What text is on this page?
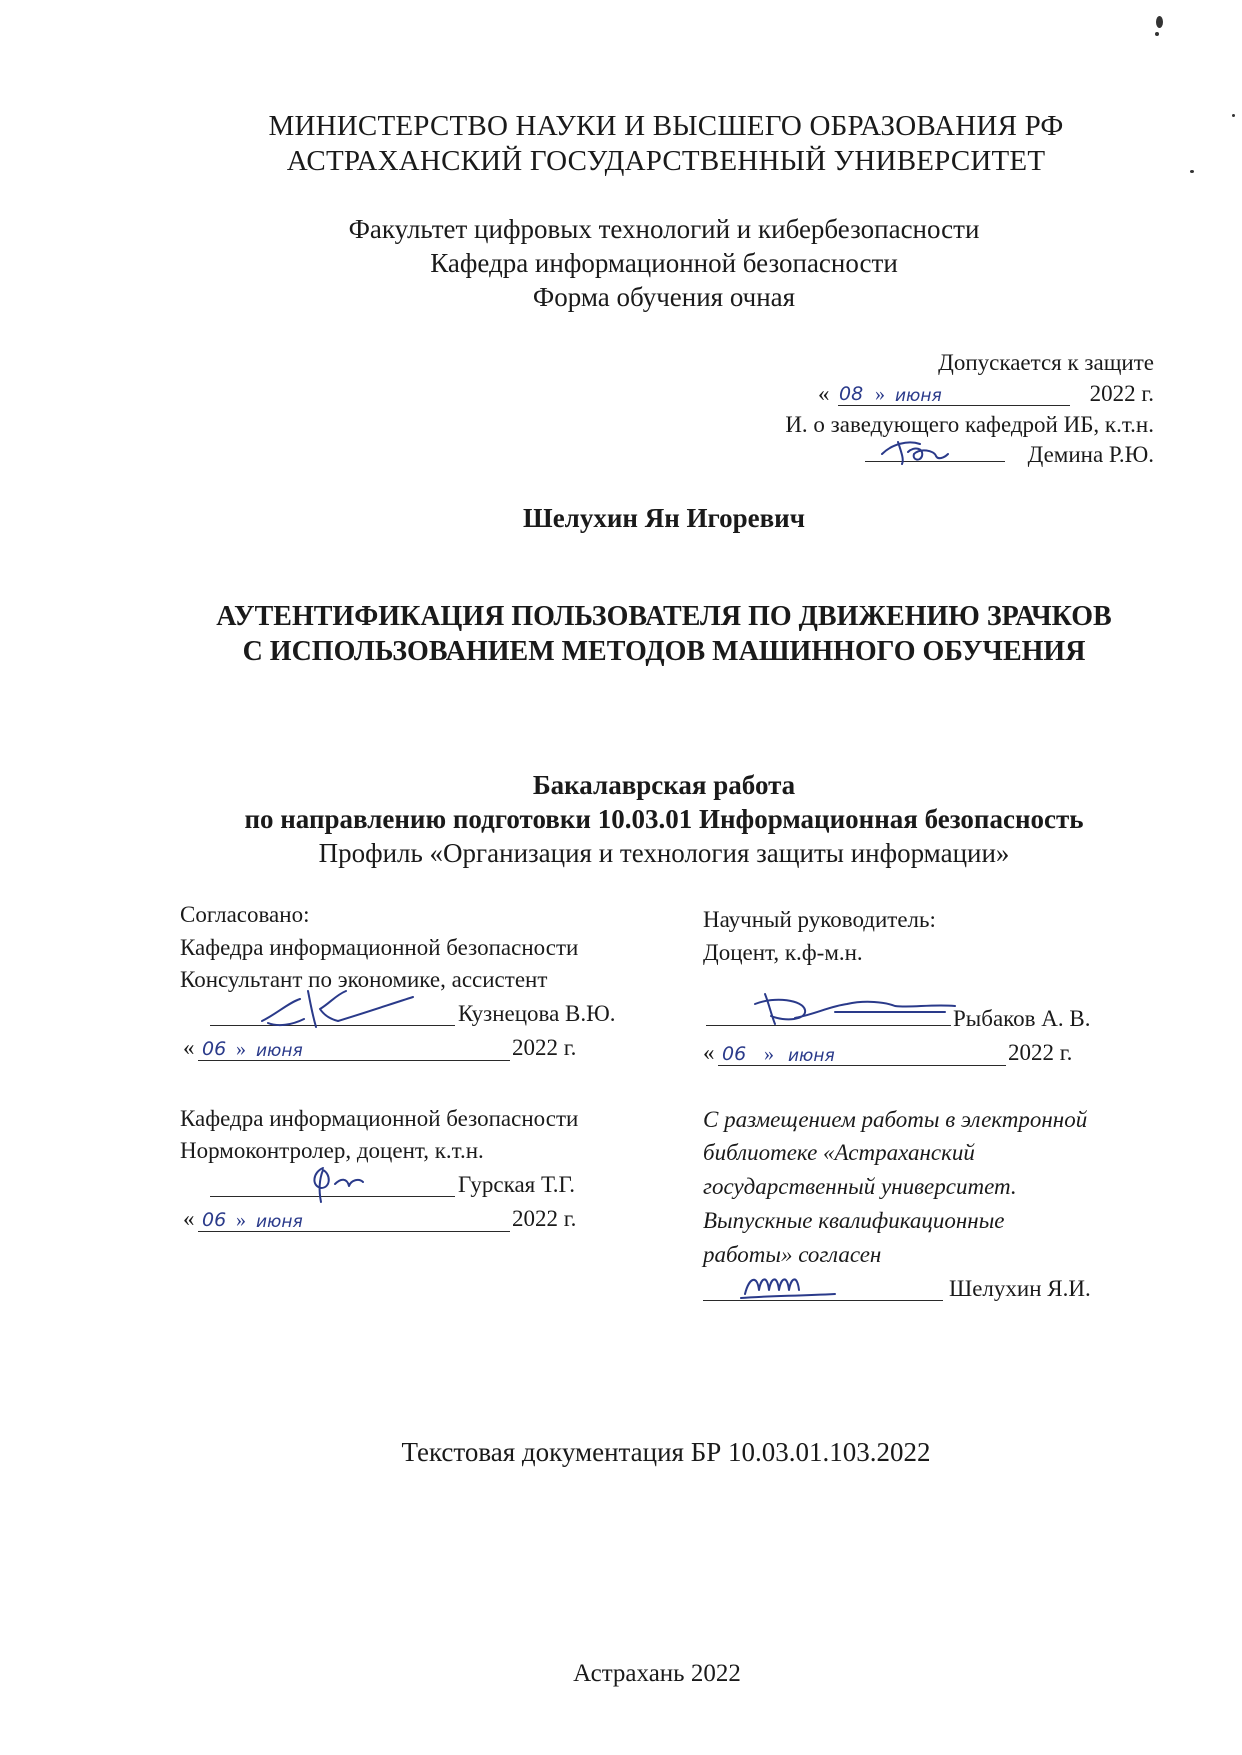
МИНИСТЕРСТВО НАУКИ И ВЫСШЕГО ОБРАЗОВАНИЯ РФ
АСТРАХАНСКИЙ ГОСУДАРСТВЕННЫЙ УНИВЕРСИТЕТ
Факультет цифровых технологий и кибербезопасности
Кафедра информационной безопасности
Форма обучения очная
Допускается к защите
« 08 » июня	2022 г.
И. о заведующего кафедрой ИБ, к.т.н.
Демина Р.Ю.
Шелухин Ян Игоревич
АУТЕНТИФИКАЦИЯ ПОЛЬЗОВАТЕЛЯ ПО ДВИЖЕНИЮ ЗРАЧКОВ
С ИСПОЛЬЗОВАНИЕМ МЕТОДОВ МАШИННОГО ОБУЧЕНИЯ
Бакалаврская работа
по направлению подготовки 10.03.01 Информационная безопасность
Профиль «Организация и технология защиты информации»
Согласовано:
Кафедра информационной безопасности
Консультант по экономике, ассистент
Кузнецова В.Ю.
« 06 » июня	2022 г.
Кафедра информационной безопасности
Нормоконтролер, доцент, к.т.н.
Гурская Т.Г.
« 06 » июня	2022 г.
Научный руководитель:
Доцент, к.ф-м.н.
Рыбаков А. В.
« 06 » июня	2022 г.
С размещением работы в электронной
библиотеке «Астраханский
государственный университет.
Выпускные квалификационные
работы» согласен
Шелухин Я.И.
Текстовая документация БР 10.03.01.103.2022
Астрахань 2022
